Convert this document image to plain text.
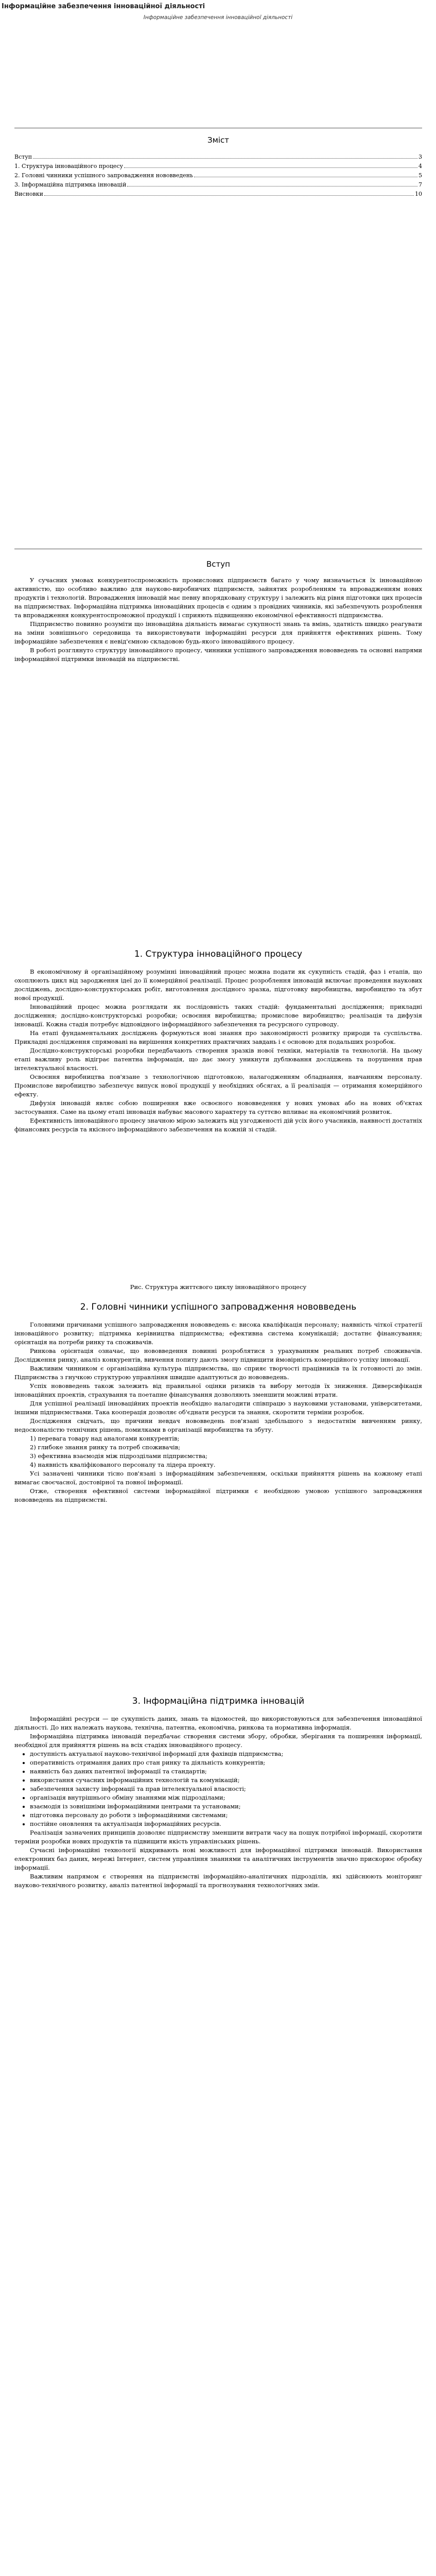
Інформаційне забезпечення інноваційної діяльності
Інформаційне забезпечення інноваційної діяльності
Зміст
Вступ	3
1. Структура інноваційного процесу	4
2. Головні чинники успішного запровадження нововведень	5
3. Інформаційна підтримка інновацій	7
Висновки	10
Вступ

У сучасних умовах конкурентоспроможність промислових підприємств багато у чому визначається їх інноваційною активністю, що особливо важливо для науково-виробничих підприємств, зайнятих розробленням та впровадженням нових продуктів і технологій. Впровадження інновацій має певну впорядковану структуру і залежить від рівня підготовки цих процесів на підприємствах. Інформаційна підтримка інноваційних процесів є одним з провідних чинників, які забезпечують розроблення та впровадження конкурентоспроможної продукції і сприяють підвищенню економічної ефективності підприємства.

Підприємство повинно розуміти що інноваційна діяльність вимагає сукупності знань та вмінь, здатність швидко реагувати на зміни зовнішнього середовища та використовувати інформаційні ресурси для прийняття ефективних рішень. Тому інформаційне забезпечення є невід'ємною складовою будь-якого інноваційного процесу.

В роботі розглянуто структуру інноваційного процесу, чинники успішного запровадження нововведень та основні напрями інформаційної підтримки інновацій на підприємстві.

1. Структура інноваційного процесу

В економічному й організаційному розумінні інноваційний процес можна подати як сукупність стадій, фаз і етапів, що охоплюють цикл від зародження ідеї до її комерційної реалізації. Процес розроблення інновацій включає проведення наукових досліджень, дослідно-конструкторських робіт, виготовлення дослідного зразка, підготовку виробництва, виробництво та збут нової продукції.

Інноваційний процес можна розглядати як послідовність таких стадій: фундаментальні дослідження; прикладні дослідження; дослідно-конструкторські розробки; освоєння виробництва; промислове виробництво; реалізація та дифузія інновації. Кожна стадія потребує відповідного інформаційного забезпечення та ресурсного супроводу.

На етапі фундаментальних досліджень формуються нові знання про закономірності розвитку природи та суспільства. Прикладні дослідження спрямовані на вирішення конкретних практичних завдань і є основою для подальших розробок.

Дослідно-конструкторські розробки передбачають створення зразків нової техніки, матеріалів та технологій. На цьому етапі важливу роль відіграє патентна інформація, що дає змогу уникнути дублювання досліджень та порушення прав інтелектуальної власності.

Освоєння виробництва пов'язане з технологічною підготовкою, налагодженням обладнання, навчанням персоналу. Промислове виробництво забезпечує випуск нової продукції у необхідних обсягах, а її реалізація — отримання комерційного ефекту.

Дифузія інновацій являє собою поширення вже освоєного нововведення у нових умовах або на нових об'єктах застосування. Саме на цьому етапі інновація набуває масового характеру та суттєво впливає на економічний розвиток.

Ефективність інноваційного процесу значною мірою залежить від узгодженості дій усіх його учасників, наявності достатніх фінансових ресурсів та якісного інформаційного забезпечення на кожній зі стадій.

Рис. Структура життєвого циклу інноваційного процесу

2. Головні чинники успішного запровадження нововведень

Головними причинами успішного запровадження нововведень є: висока кваліфікація персоналу; наявність чіткої стратегії інноваційного розвитку; підтримка керівництва підприємства; ефективна система комунікацій; достатнє фінансування; орієнтація на потреби ринку та споживачів.

Ринкова орієнтація означає, що нововведення повинні розроблятися з урахуванням реальних потреб споживачів. Дослідження ринку, аналіз конкурентів, вивчення попиту дають змогу підвищити ймовірність комерційного успіху інновації.

Важливим чинником є організаційна культура підприємства, що сприяє творчості працівників та їх готовності до змін. Підприємства з гнучкою структурою управління швидше адаптуються до нововведень.

Успіх нововведень також залежить від правильної оцінки ризиків та вибору методів їх зниження. Диверсифікація інноваційних проектів, страхування та поетапне фінансування дозволяють зменшити можливі втрати.

Для успішної реалізації інноваційних проектів необхідно налагодити співпрацю з науковими установами, університетами, іншими підприємствами. Така кооперація дозволяє об'єднати ресурси та знання, скоротити терміни розробок.

Дослідження свідчать, що причини невдач нововведень пов'язані здебільшого з недостатнім вивченням ринку, недосконалістю технічних рішень, помилками в організації виробництва та збуту.

1) перевага товару над аналогами конкурентів;

2) глибоке знання ринку та потреб споживачів;

3) ефективна взаємодія між підрозділами підприємства;

4) наявність кваліфікованого персоналу та лідера проекту.

Усі зазначені чинники тісно пов'язані з інформаційним забезпеченням, оскільки прийняття рішень на кожному етапі вимагає своєчасної, достовірної та повної інформації.

Отже, створення ефективної системи інформаційної підтримки є необхідною умовою успішного запровадження нововведень на підприємстві.

3. Інформаційна підтримка інновацій

Інформаційні ресурси — це сукупність даних, знань та відомостей, що використовуються для забезпечення інноваційної діяльності. До них належать наукова, технічна, патентна, економічна, ринкова та нормативна інформація.

Інформаційна підтримка інновацій передбачає створення системи збору, обробки, зберігання та поширення інформації, необхідної для прийняття рішень на всіх стадіях інноваційного процесу.

• доступність актуальної науково-технічної інформації для фахівців підприємства;
• оперативність отримання даних про стан ринку та діяльність конкурентів;
• наявність баз даних патентної інформації та стандартів;
• використання сучасних інформаційних технологій та комунікацій;
• забезпечення захисту інформації та прав інтелектуальної власності;
• організація внутрішнього обміну знаннями між підрозділами;
• взаємодія із зовнішніми інформаційними центрами та установами;
• підготовка персоналу до роботи з інформаційними системами;
• постійне оновлення та актуалізація інформаційних ресурсів.

Реалізація зазначених принципів дозволяє підприємству зменшити витрати часу на пошук потрібної інформації, скоротити терміни розробки нових продуктів та підвищити якість управлінських рішень.

Сучасні інформаційні технології відкривають нові можливості для інформаційної підтримки інновацій. Використання електронних баз даних, мережі Інтернет, систем управління знаннями та аналітичних інструментів значно прискорює обробку інформації.

Важливим напрямом є створення на підприємстві інформаційно-аналітичних підрозділів, які здійснюють моніторинг науково-технічного розвитку, аналіз патентної інформації та прогнозування технологічних змін.
